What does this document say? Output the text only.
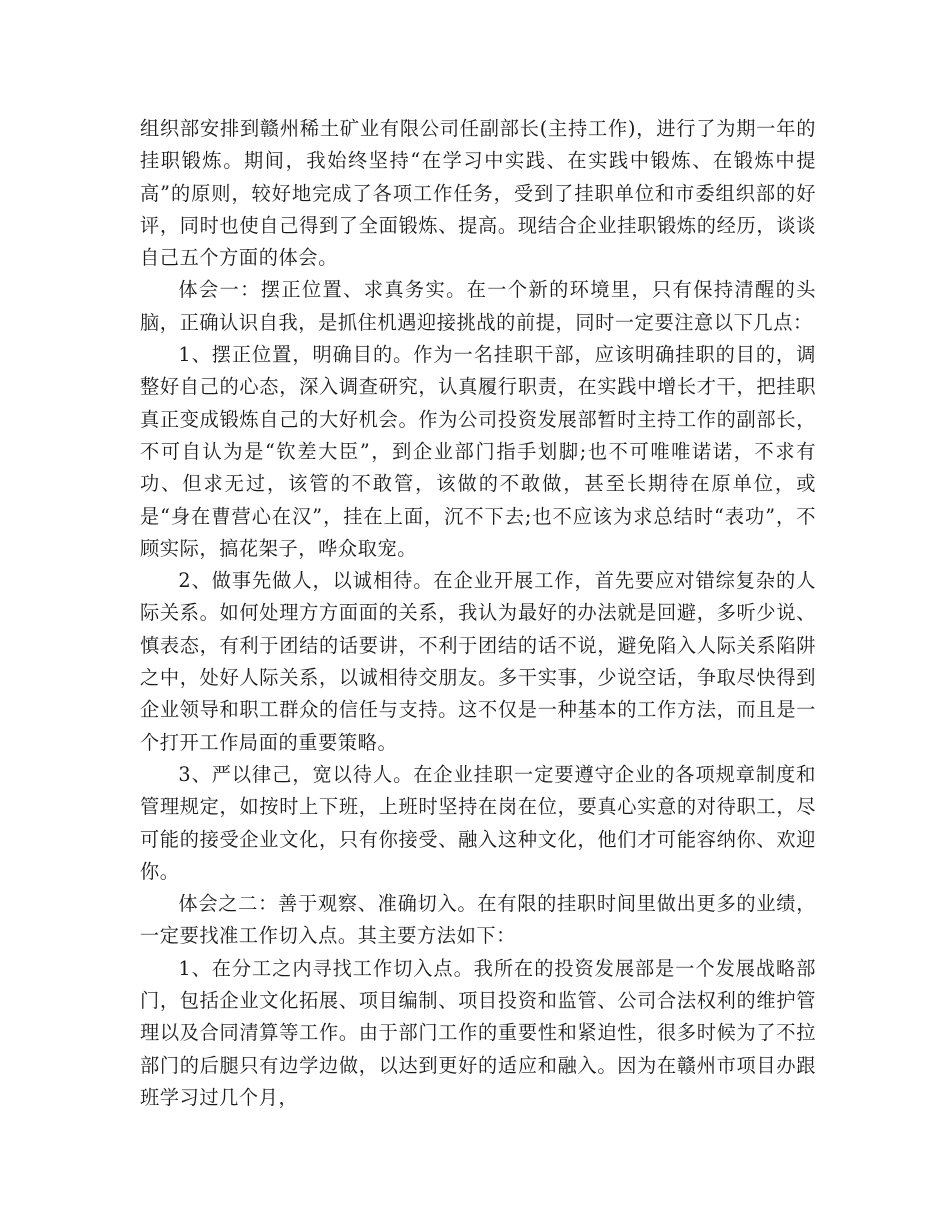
组织部安排到赣州稀土矿业有限公司任副部长(主持工作)，进行了为期一年的挂职锻炼。期间，我始终坚持“在学习中实践、在实践中锻炼、在锻炼中提高”的原则，较好地完成了各项工作任务，受到了挂职单位和市委组织部的好评，同时也使自己得到了全面锻炼、提高。现结合企业挂职锻炼的经历，谈谈自己五个方面的体会。

体会一：摆正位置、求真务实。在一个新的环境里，只有保持清醒的头脑，正确认识自我，是抓住机遇迎接挑战的前提，同时一定要注意以下几点：

1、摆正位置，明确目的。作为一名挂职干部，应该明确挂职的目的，调整好自己的心态，深入调查研究，认真履行职责，在实践中增长才干，把挂职真正变成锻炼自己的大好机会。作为公司投资发展部暂时主持工作的副部长，不可自认为是“钦差大臣”，到企业部门指手划脚;也不可唯唯诺诺，不求有功、但求无过，该管的不敢管，该做的不敢做，甚至长期待在原单位，或是“身在曹营心在汉”，挂在上面，沉不下去;也不应该为求总结时“表功”，不顾实际，搞花架子，哗众取宠。

2、做事先做人，以诚相待。在企业开展工作，首先要应对错综复杂的人际关系。如何处理方方面面的关系，我认为最好的办法就是回避，多听少说、慎表态，有利于团结的话要讲，不利于团结的话不说，避免陷入人际关系陷阱之中，处好人际关系，以诚相待交朋友。多干实事，少说空话，争取尽快得到企业领导和职工群众的信任与支持。这不仅是一种基本的工作方法，而且是一个打开工作局面的重要策略。

3、严以律己，宽以待人。在企业挂职一定要遵守企业的各项规章制度和管理规定，如按时上下班，上班时坚持在岗在位，要真心实意的对待职工，尽可能的接受企业文化，只有你接受、融入这种文化，他们才可能容纳你、欢迎你。

体会之二：善于观察、准确切入。在有限的挂职时间里做出更多的业绩，一定要找准工作切入点。其主要方法如下：

1、在分工之内寻找工作切入点。我所在的投资发展部是一个发展战略部门，包括企业文化拓展、项目编制、项目投资和监管、公司合法权利的维护管理以及合同清算等工作。由于部门工作的重要性和紧迫性，很多时候为了不拉部门的后腿只有边学边做，以达到更好的适应和融入。因为在赣州市项目办跟班学习过几个月，
